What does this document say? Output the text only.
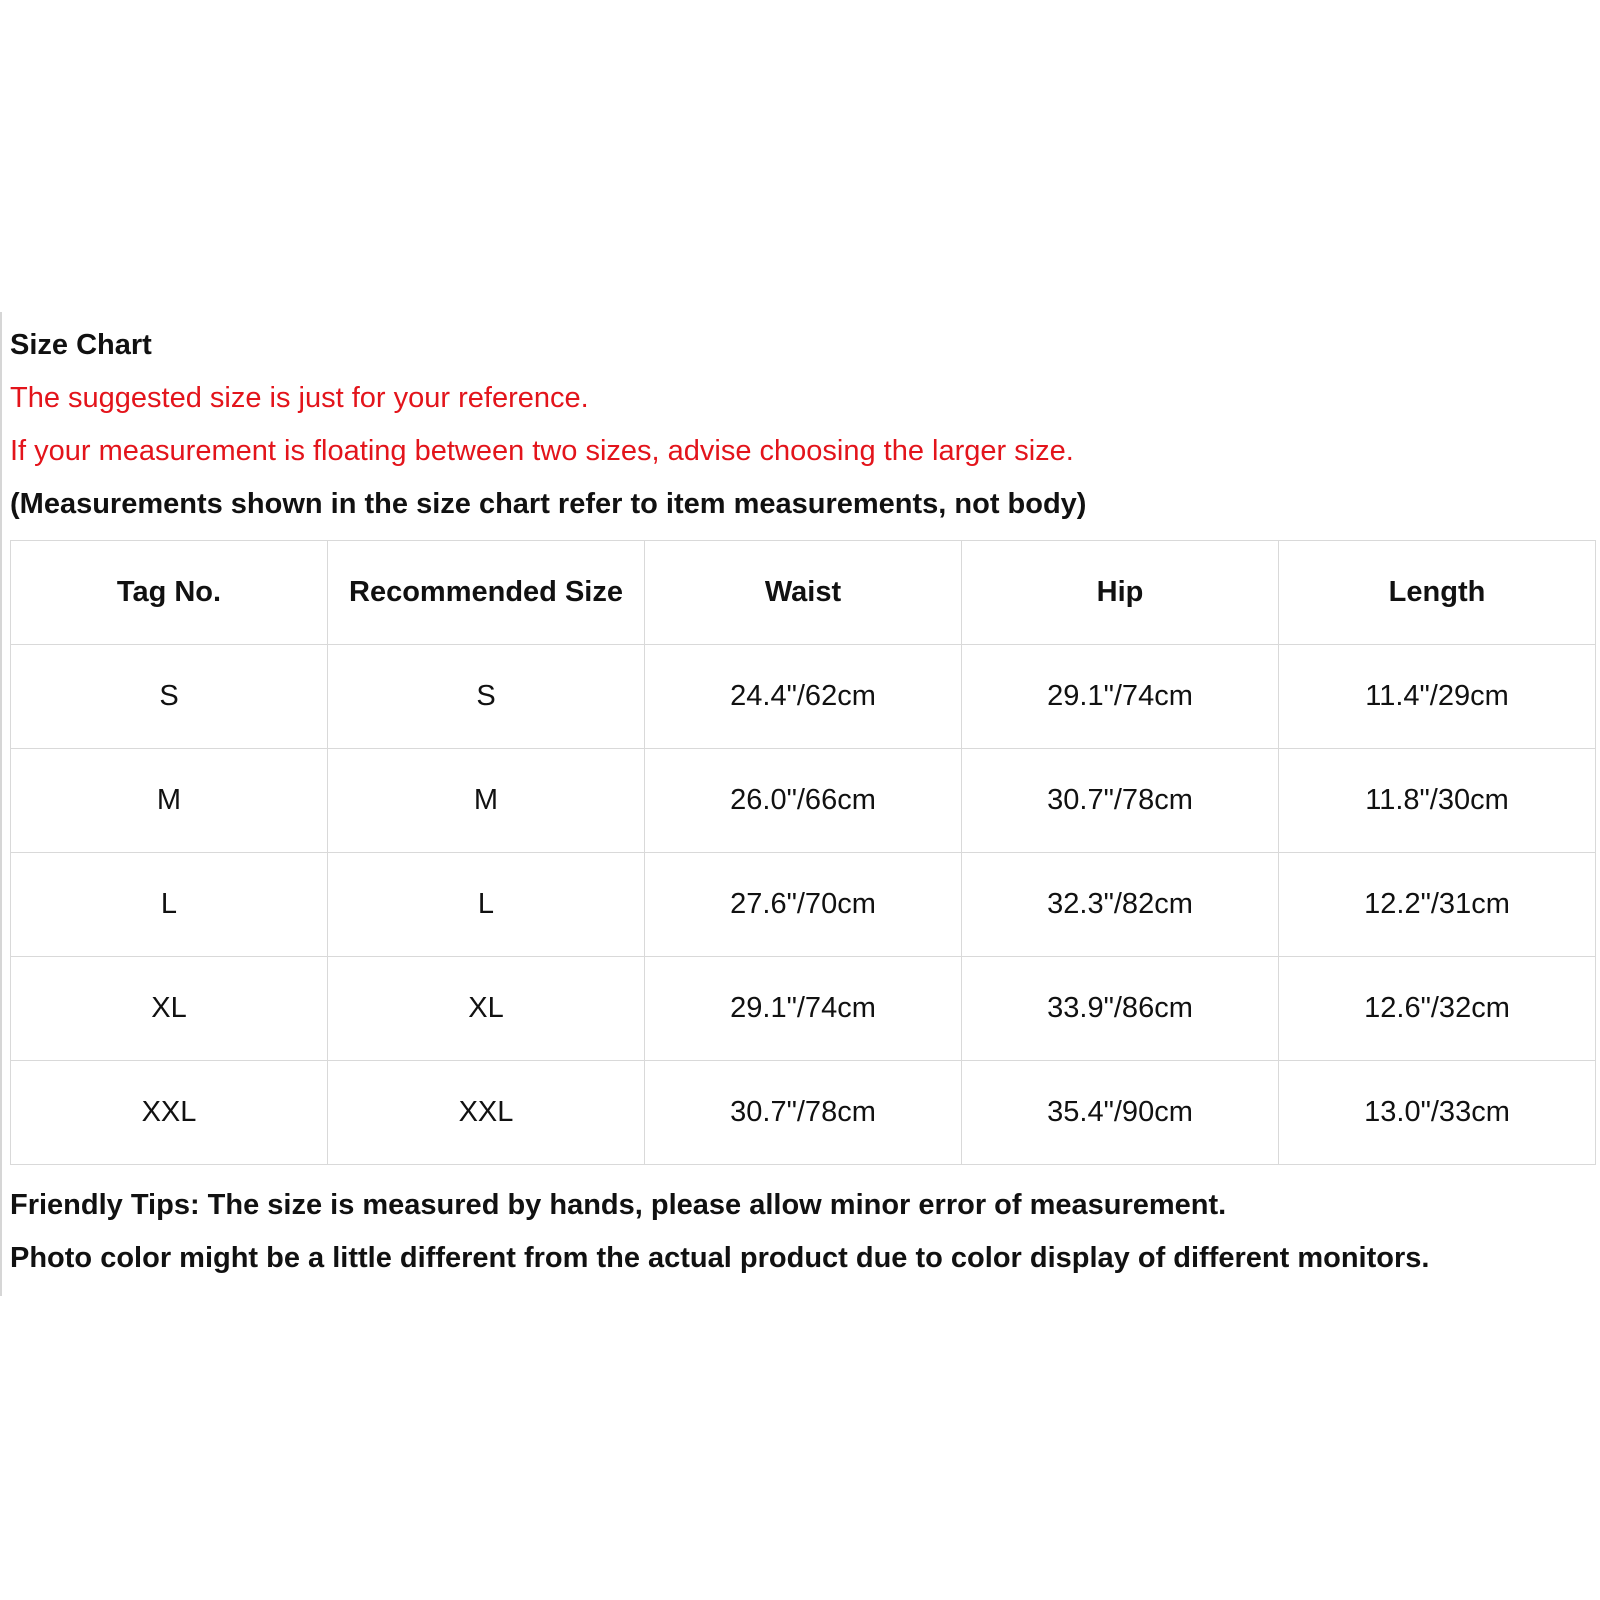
Size Chart

The suggested size is just for your reference.

If your measurement is floating between two sizes, advise choosing the larger size.

(Measurements shown in the size chart refer to item measurements, not body)

Tag No.	Recommended Size	Waist	Hip	Length
S	S	24.4"/62cm	29.1"/74cm	11.4"/29cm
M	M	26.0"/66cm	30.7"/78cm	11.8"/30cm
L	L	27.6"/70cm	32.3"/82cm	12.2"/31cm
XL	XL	29.1"/74cm	33.9"/86cm	12.6"/32cm
XXL	XXL	30.7"/78cm	35.4"/90cm	13.0"/33cm

Friendly Tips: The size is measured by hands, please allow minor error of measurement.

Photo color might be a little different from the actual product due to color display of different monitors.
